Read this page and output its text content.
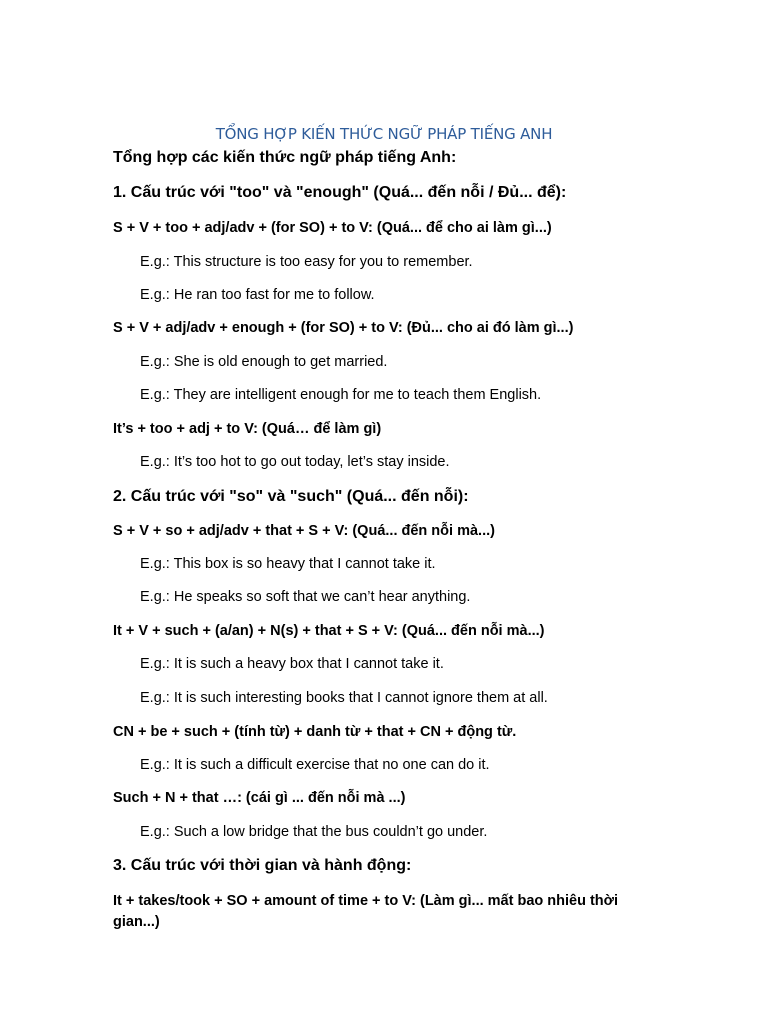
TỔNG HỢP KIẾN THỨC NGỮ PHÁP TIẾNG ANH
Tổng hợp các kiến thức ngữ pháp tiếng Anh:
1. Cấu trúc với "too" và "enough" (Quá... đến nỗi / Đủ... để):
S + V + too + adj/adv + (for SO) + to V: (Quá... để cho ai làm gì...)
E.g.: This structure is too easy for you to remember.
E.g.: He ran too fast for me to follow.
S + V + adj/adv + enough + (for SO) + to V: (Đủ... cho ai đó làm gì...)
E.g.: She is old enough to get married.
E.g.: They are intelligent enough for me to teach them English.
It’s + too + adj + to V: (Quá… để làm gì)
E.g.: It’s too hot to go out today, let’s stay inside.
2. Cấu trúc với "so" và "such" (Quá... đến nỗi):
S + V + so + adj/adv + that + S + V: (Quá... đến nỗi mà...)
E.g.: This box is so heavy that I cannot take it.
E.g.: He speaks so soft that we can’t hear anything.
It + V + such + (a/an) + N(s) + that + S + V: (Quá... đến nỗi mà...)
E.g.: It is such a heavy box that I cannot take it.
E.g.: It is such interesting books that I cannot ignore them at all.
CN + be + such + (tính từ) + danh từ + that + CN + động từ.
E.g.: It is such a difficult exercise that no one can do it.
Such + N + that …: (cái gì ... đến nỗi mà ...)
E.g.: Such a low bridge that the bus couldn’t go under.
3. Cấu trúc với thời gian và hành động:
It + takes/took + SO + amount of time + to V: (Làm gì... mất bao nhiêu thời gian...)
